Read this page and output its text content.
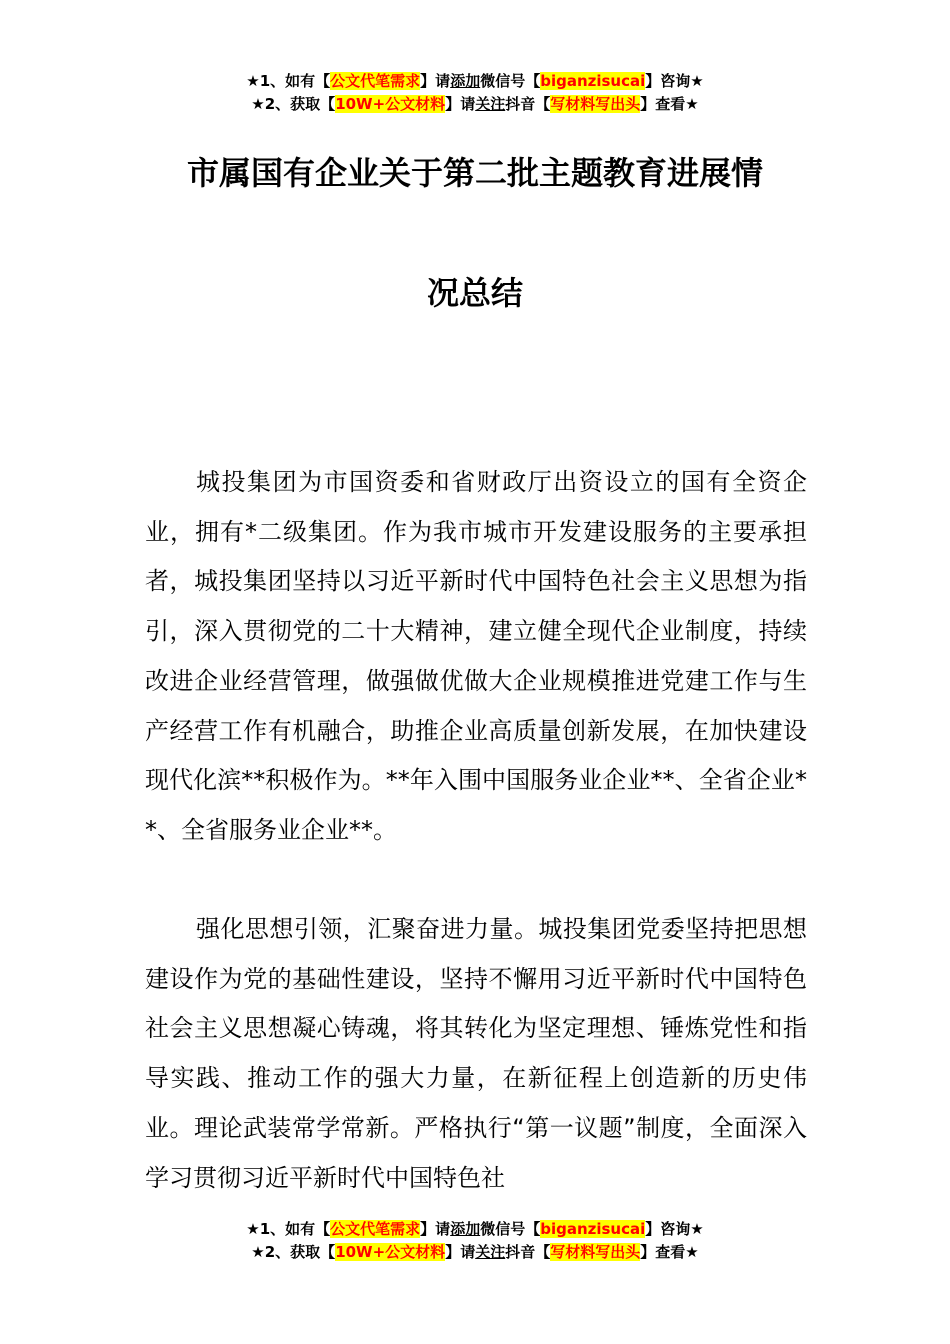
★1、如有【公文代笔需求】请添加微信号【biganzisucai】咨询★
★2、获取【10W+公文材料】请关注抖音【写材料写出头】查看★
市属国有企业关于第二批主题教育进展情
况总结

城投集团为市国资委和省财政厅出资设立的国有全资企业，拥有*二级集团。作为我市城市开发建设服务的主要承担者，城投集团坚持以习近平新时代中国特色社会主义思想为指引，深入贯彻党的二十大精神，建立健全现代企业制度，持续改进企业经营管理，做强做优做大企业规模推进党建工作与生产经营工作有机融合，助推企业高质量创新发展，在加快建设现代化滨**积极作为。**年入围中国服务业企业**、全省企业**、全省服务业企业**。

强化思想引领，汇聚奋进力量。城投集团党委坚持把思想建设作为党的基础性建设，坚持不懈用习近平新时代中国特色社会主义思想凝心铸魂，将其转化为坚定理想、锤炼党性和指导实践、推动工作的强大力量，在新征程上创造新的历史伟业。理论武装常学常新。严格执行“第一议题”制度，全面深入学习贯彻习近平新时代中国特色社

★1、如有【公文代笔需求】请添加微信号【biganzisucai】咨询★
★2、获取【10W+公文材料】请关注抖音【写材料写出头】查看★
